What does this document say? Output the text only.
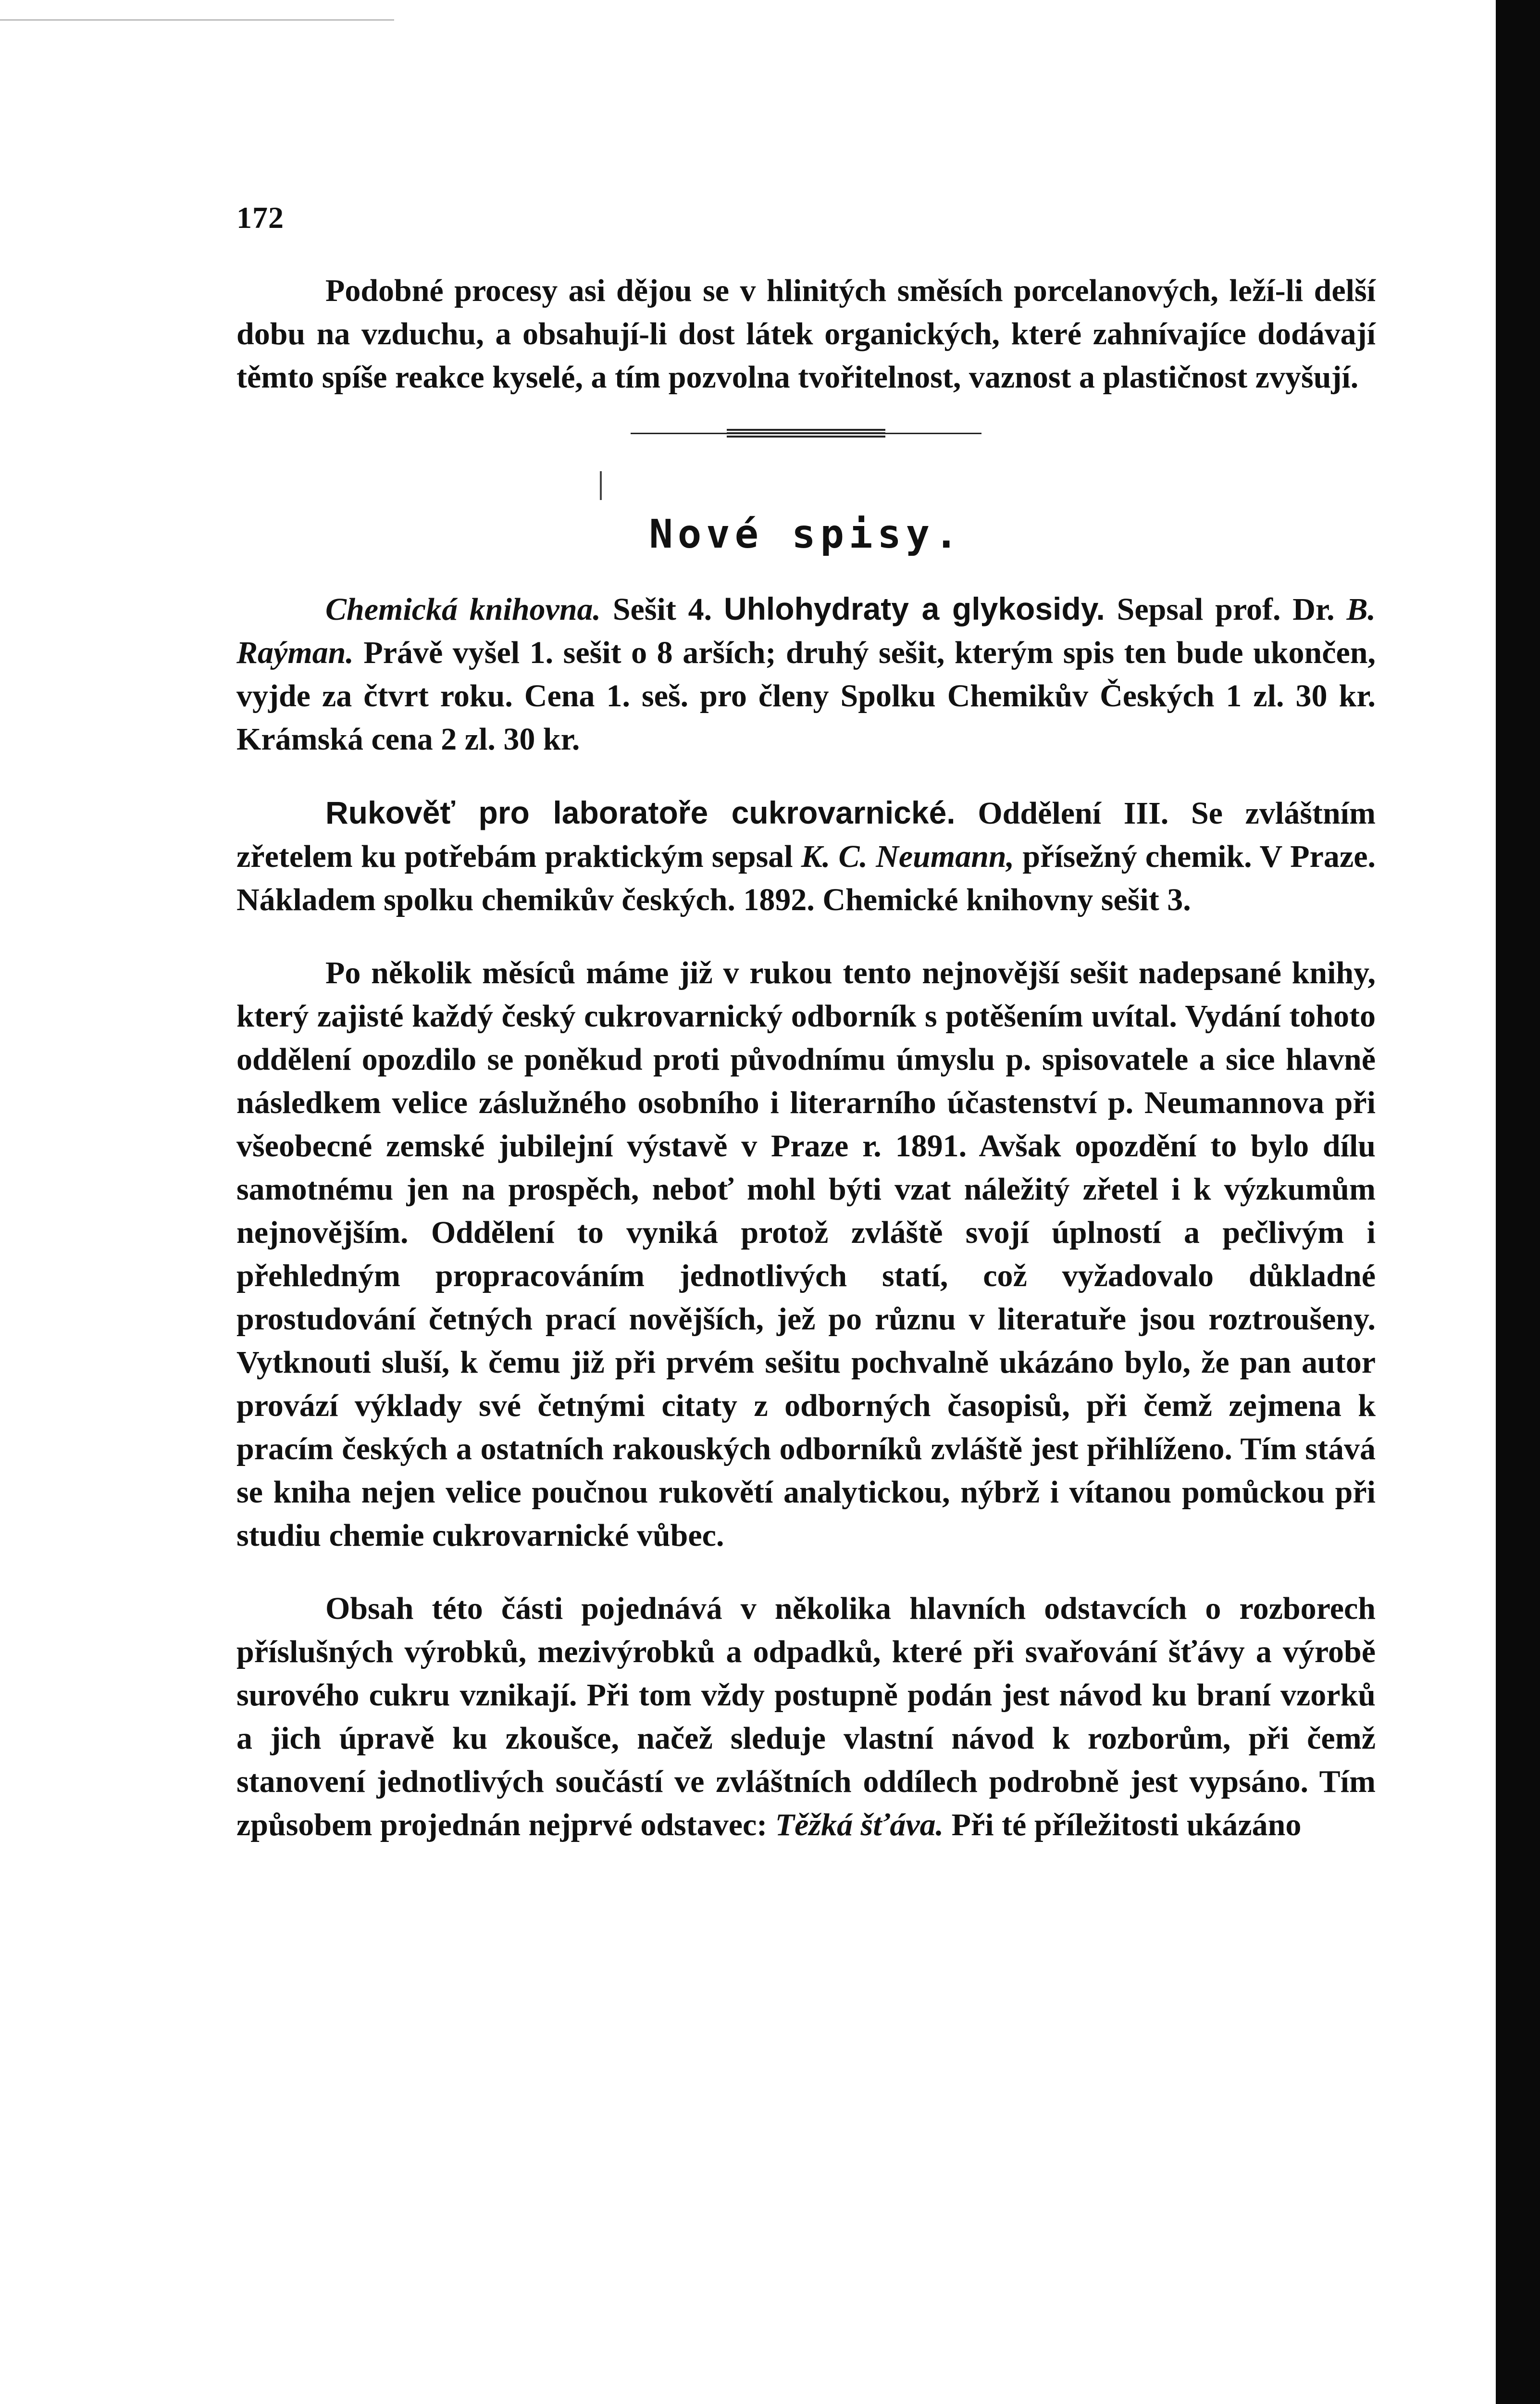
172

Podobné procesy asi dějou se v hlinitých směsích porcelanových, leží-li delší dobu na vzduchu, a obsahují-li dost látek organických, které zahnívajíce dodávají těmto spíše reakce kyselé, a tím pozvolna tvořitelnost, vaznost a plastičnost zvyšují.

Nové spisy.

Chemická knihovna. Sešit 4. Uhlohydraty a glykosidy. Sepsal prof. Dr. B. Raýman. Právě vyšel 1. sešit o 8 arších; druhý sešit, kterým spis ten bude ukončen, vyjde za čtvrt roku. Cena 1. seš. pro členy Spolku Chemikův Českých 1 zl. 30 kr. Krámská cena 2 zl. 30 kr.

Rukověť pro laboratoře cukrovarnické. Oddělení III. Se zvláštním zřetelem ku potřebám praktickým sepsal K. C. Neumann, přísežný chemik. V Praze. Nákladem spolku chemikův českých. 1892. Chemické knihovny sešit 3.

Po několik měsíců máme již v rukou tento nejnovější sešit nadepsané knihy, který zajisté každý český cukrovarnický odborník s potěšením uvítal. Vydání tohoto oddělení opozdilo se poněkud proti původnímu úmyslu p. spisovatele a sice hlavně následkem velice záslužného osobního i literarního účastenství p. Neumannova při všeobecné zemské jubilejní výstavě v Praze r. 1891. Avšak opozdění to bylo dílu samotnému jen na prospěch, neboť mohl býti vzat náležitý zřetel i k výzkumům nejnovějším. Oddělení to vyniká protož zvláště svojí úplností a pečlivým i přehledným propracováním jednotlivých statí, což vyžadovalo důkladné prostudování četných prací novějších, jež po různu v literatuře jsou roztroušeny. Vytknouti sluší, k čemu již při prvém sešitu pochvalně ukázáno bylo, že pan autor provází výklady své četnými citaty z odborných časopisů, při čemž zejmena k pracím českých a ostatních rakouských odborníků zvláště jest přihlíženo. Tím stává se kniha nejen velice poučnou rukovětí analytickou, nýbrž i vítanou pomůckou při studiu chemie cukrovarnické vůbec.

Obsah této části pojednává v několika hlavních odstavcích o rozborech příslušných výrobků, mezivýrobků a odpadků, které při svařování šťávy a výrobě surového cukru vznikají. Při tom vždy postupně podán jest návod ku braní vzorků a jich úpravě ku zkoušce, načež sleduje vlastní návod k rozborům, při čemž stanovení jednotlivých součástí ve zvláštních oddílech podrobně jest vypsáno. Tím způsobem projednán nejprvé odstavec: Těžká šťáva. Při té příležitosti ukázáno
